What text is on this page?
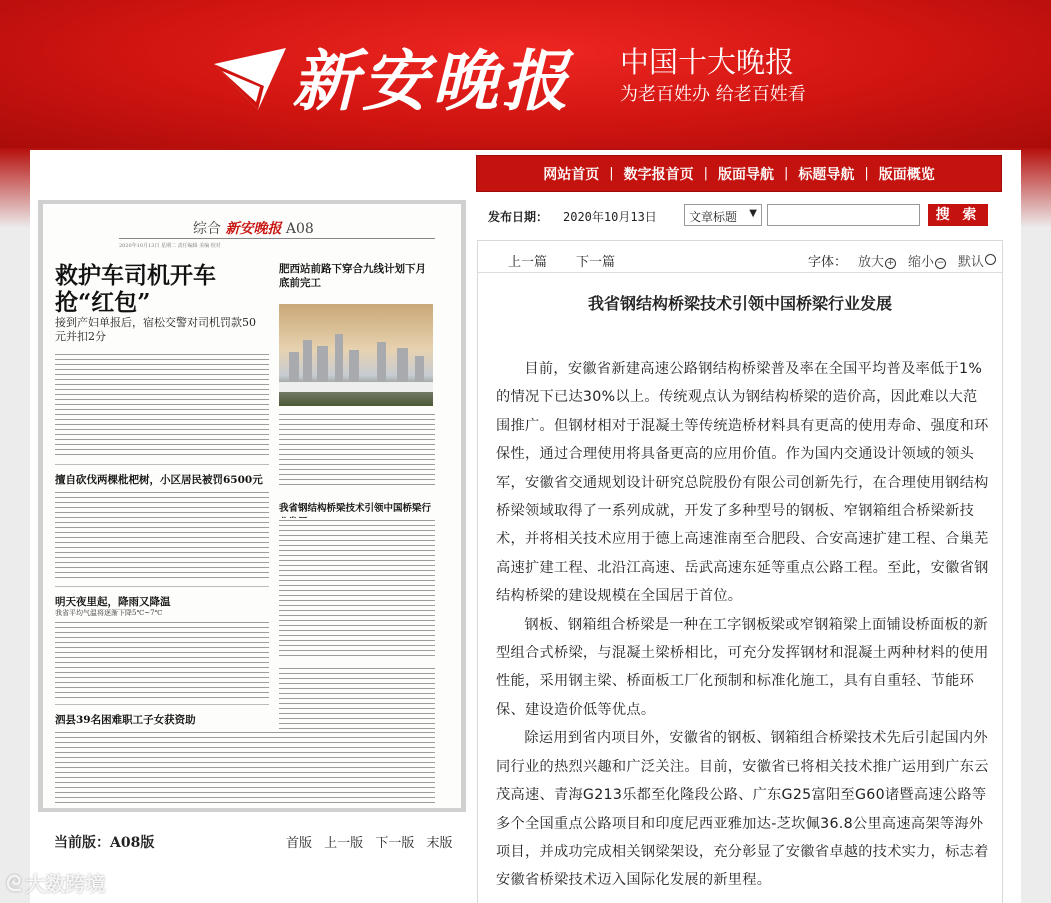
新安晚报 中国十大晚报
为老百姓办 给老百姓看
综合 新安晚报 A08
2020年10月13日 星期二 责任编辑 美编 校对
救护车司机开车抢“红包”
接到产妇单报后，宿松交警对司机罚款50元并扣2分
肥西站前路下穿合九线计划下月底前完工
擅自砍伐两棵枇杷树，小区居民被罚6500元
我省钢结构桥梁技术引领中国桥梁行
明天夜里起，降雨又降温
我省平均气温将逐渐下降5℃~7℃
泗县39名困难职工子女获资助
当前版：A08版	首版 上一版 下一版 末版
网站首页 | 数字报首页 | 版面导航 | 标题导航 | 版面概览
发布日期： 2020年10月13日	文章标题 ▼	搜 索
上一篇 下一篇	字体： 放大 + 缩小 − 默认
我省钢结构桥梁技术引领中国桥梁行业发展

目前，安徽省新建高速公路钢结构桥梁普及率在全国平均普及率低于1%的情况下已达30%以上。传统观点认为钢结构桥梁的造价高，因此难以大范围推广。但钢材相对于混凝土等传统造桥材料具有更高的使用寿命、强度和环保性，通过合理使用将具备更高的应用价值。作为国内交通设计领域的领头军，安徽省交通规划设计研究总院股份有限公司创新先行，在合理使用钢结构桥梁领域取得了一系列成就，开发了多种型号的钢板、窄钢箱组合桥梁新技术，并将相关技术应用于德上高速淮南至合肥段、合安高速扩建工程、合巢芜高速扩建工程、北沿江高速、岳武高速东延等重点公路工程。至此，安徽省钢结构桥梁的建设规模在全国居于首位。

钢板、钢箱组合桥梁是一种在工字钢板梁或窄钢箱梁上面铺设桥面板的新型组合式桥梁，与混凝土梁桥相比，可充分发挥钢材和混凝土两种材料的使用性能，采用钢主梁、桥面板工厂化预制和标准化施工，具有自重轻、节能环保、建设造价低等优点。

除运用到省内项目外，安徽省的钢板、钢箱组合桥梁技术先后引起国内外同行业的热烈兴趣和广泛关注。目前，安徽省已将相关技术推广运用到广东云茂高速、青海G213乐都至化隆段公路、广东G25富阳至G60诸暨高速公路等多个全国重点公路项目和印度尼西亚雅加达-芝坎佩36.8公里高速高架等海外项目，并成功完成相关钢梁架设，充分彰显了安徽省卓越的技术实力，标志着安徽省桥梁技术迈入国际化发展的新里程。

ᘓ 大数跨境
